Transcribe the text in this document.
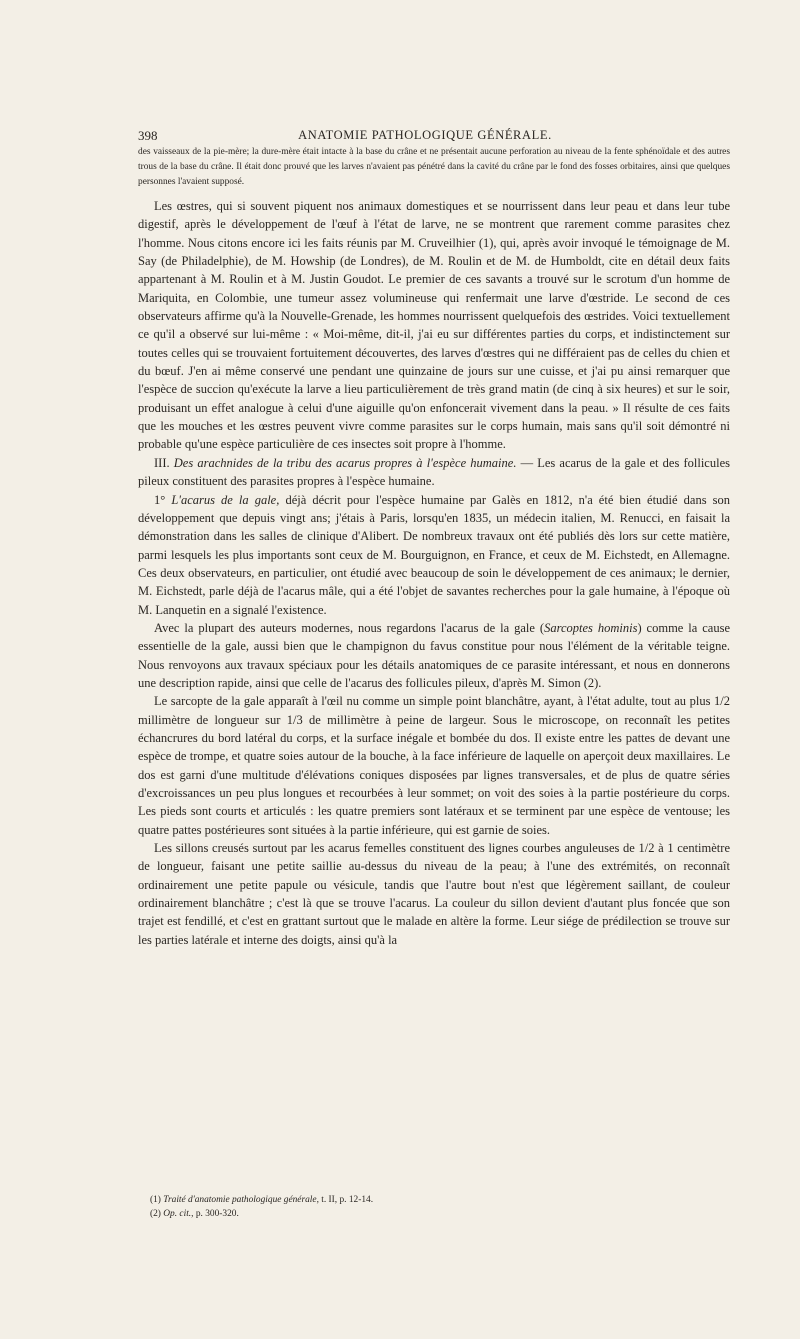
398	ANATOMIE PATHOLOGIQUE GÉNÉRALE.
des vaisseaux de la pie-mère; la dure-mère était intacte à la base du crâne et ne présentait aucune perforation au niveau de la fente sphénoïdale et des autres trous de la base du crâne. Il était donc prouvé que les larves n'avaient pas pénétré dans la cavité du crâne par le fond des fosses orbitaires, ainsi que quelques personnes l'avaient supposé.

Les œstres, qui si souvent piquent nos animaux domestiques et se nourrissent dans leur peau et dans leur tube digestif, après le développement de l'œuf à l'état de larve, ne se montrent que rarement comme parasites chez l'homme. Nous citons encore ici les faits réunis par M. Cruveilhier (1), qui, après avoir invoqué le témoignage de M. Say (de Philadelphie), de M. Howship (de Londres), de M. Roulin et de M. de Humboldt, cite en détail deux faits appartenant à M. Roulin et à M. Justin Goudot. Le premier de ces savants a trouvé sur le scrotum d'un homme de Mariquita, en Colombie, une tumeur assez volumineuse qui renfermait une larve d'œstride. Le second de ces observateurs affirme qu'à la Nouvelle-Grenade, les hommes nourrissent quelquefois des œstrides. Voici textuellement ce qu'il a observé sur lui-même : « Moi-même, dit-il, j'ai eu sur différentes parties du corps, et indistinctement sur toutes celles qui se trouvaient fortuitement découvertes, des larves d'œstres qui ne différaient pas de celles du chien et du bœuf. J'en ai même conservé une pendant une quinzaine de jours sur une cuisse, et j'ai pu ainsi remarquer que l'espèce de succion qu'exécute la larve a lieu particulièrement de très grand matin (de cinq à six heures) et sur le soir, produisant un effet analogue à celui d'une aiguille qu'on enfoncerait vivement dans la peau. » Il résulte de ces faits que les mouches et les œstres peuvent vivre comme parasites sur le corps humain, mais sans qu'il soit démontré ni probable qu'une espèce particulière de ces insectes soit propre à l'homme.

III. Des arachnides de la tribu des acarus propres à l'espèce humaine. — Les acarus de la gale et des follicules pileux constituent des parasites propres à l'espèce humaine.

1° L'acarus de la gale, déjà décrit pour l'espèce humaine par Galès en 1812, n'a été bien étudié dans son développement que depuis vingt ans; j'étais à Paris, lorsqu'en 1835, un médecin italien, M. Renucci, en faisait la démonstration dans les salles de clinique d'Alibert. De nombreux travaux ont été publiés dès lors sur cette matière, parmi lesquels les plus importants sont ceux de M. Bourguignon, en France, et ceux de M. Eichstedt, en Allemagne. Ces deux observateurs, en particulier, ont étudié avec beaucoup de soin le développement de ces animaux; le dernier, M. Eichstedt, parle déjà de l'acarus mâle, qui a été l'objet de savantes recherches pour la gale humaine, à l'époque où M. Lanquetin en a signalé l'existence.

Avec la plupart des auteurs modernes, nous regardons l'acarus de la gale (Sarcoptes hominis) comme la cause essentielle de la gale, aussi bien que le champignon du favus constitue pour nous l'élément de la véritable teigne. Nous renvoyons aux travaux spéciaux pour les détails anatomiques de ce parasite intéressant, et nous en donnerons une description rapide, ainsi que celle de l'acarus des follicules pileux, d'après M. Simon (2).

Le sarcopte de la gale apparaît à l'œil nu comme un simple point blanchâtre, ayant, à l'état adulte, tout au plus 1/2 millimètre de longueur sur 1/3 de millimètre à peine de largeur. Sous le microscope, on reconnaît les petites échancrures du bord latéral du corps, et la surface inégale et bombée du dos. Il existe entre les pattes de devant une espèce de trompe, et quatre soies autour de la bouche, à la face inférieure de laquelle on aperçoit deux maxillaires. Le dos est garni d'une multitude d'élévations coniques disposées par lignes transversales, et de plus de quatre séries d'excroissances un peu plus longues et recourbées à leur sommet; on voit des soies à la partie postérieure du corps. Les pieds sont courts et articulés : les quatre premiers sont latéraux et se terminent par une espèce de ventouse; les quatre pattes postérieures sont situées à la partie inférieure, qui est garnie de soies.

Les sillons creusés surtout par les acarus femelles constituent des lignes courbes anguleuses de 1/2 à 1 centimètre de longueur, faisant une petite saillie au-dessus du niveau de la peau; à l'une des extrémités, on reconnaît ordinairement une petite papule ou vésicule, tandis que l'autre bout n'est que légèrement saillant, de couleur ordinairement blanchâtre ; c'est là que se trouve l'acarus. La couleur du sillon devient d'autant plus foncée que son trajet est fendillé, et c'est en grattant surtout que le malade en altère la forme. Leur siége de prédilection se trouve sur les parties latérale et interne des doigts, ainsi qu'à la

(1) Traité d'anatomie pathologique générale, t. II, p. 12-14.
(2) Op. cit., p. 300-320.
